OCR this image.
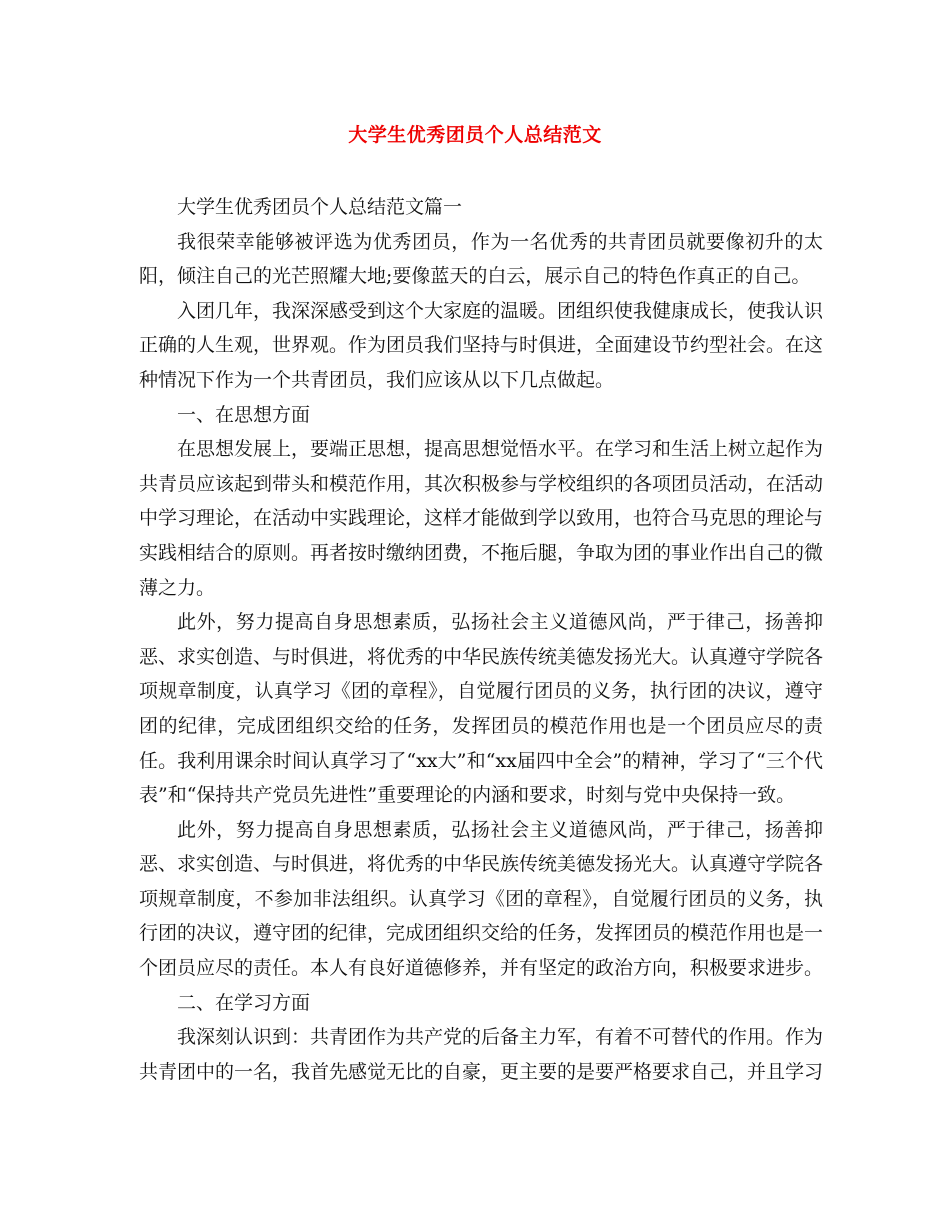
大学生优秀团员个人总结范文

大学生优秀团员个人总结范文篇一

我很荣幸能够被评选为优秀团员，作为一名优秀的共青团员就要像初升的太阳，倾注自己的光芒照耀大地;要像蓝天的白云，展示自己的特色作真正的自己。

入团几年，我深深感受到这个大家庭的温暖。团组织使我健康成长，使我认识正确的人生观，世界观。作为团员我们坚持与时俱进，全面建设节约型社会。在这种情况下作为一个共青团员，我们应该从以下几点做起。

一、在思想方面

在思想发展上，要端正思想，提高思想觉悟水平。在学习和生活上树立起作为共青员应该起到带头和模范作用，其次积极参与学校组织的各项团员活动，在活动中学习理论，在活动中实践理论，这样才能做到学以致用，也符合马克思的理论与实践相结合的原则。再者按时缴纳团费，不拖后腿，争取为团的事业作出自己的微薄之力。

此外，努力提高自身思想素质，弘扬社会主义道德风尚，严于律己，扬善抑恶、求实创造、与时俱进，将优秀的中华民族传统美德发扬光大。认真遵守学院各项规章制度，认真学习《团的章程》，自觉履行团员的义务，执行团的决议，遵守团的纪律，完成团组织交给的任务，发挥团员的模范作用也是一个团员应尽的责任。我利用课余时间认真学习了“xx大”和“xx届四中全会”的精神，学习了“三个代表”和“保持共产党员先进性”重要理论的内涵和要求，时刻与党中央保持一致。

此外，努力提高自身思想素质，弘扬社会主义道德风尚，严于律己，扬善抑恶、求实创造、与时俱进，将优秀的中华民族传统美德发扬光大。认真遵守学院各项规章制度，不参加非法组织。认真学习《团的章程》，自觉履行团员的义务，执行团的决议，遵守团的纪律，完成团组织交给的任务，发挥团员的模范作用也是一个团员应尽的责任。本人有良好道德修养，并有坚定的政治方向，积极要求进步。

二、在学习方面

我深刻认识到：共青团作为共产党的后备主力军，有着不可替代的作用。作为共青团中的一名，我首先感觉无比的自豪，更主要的是要严格要求自己，并且学习
